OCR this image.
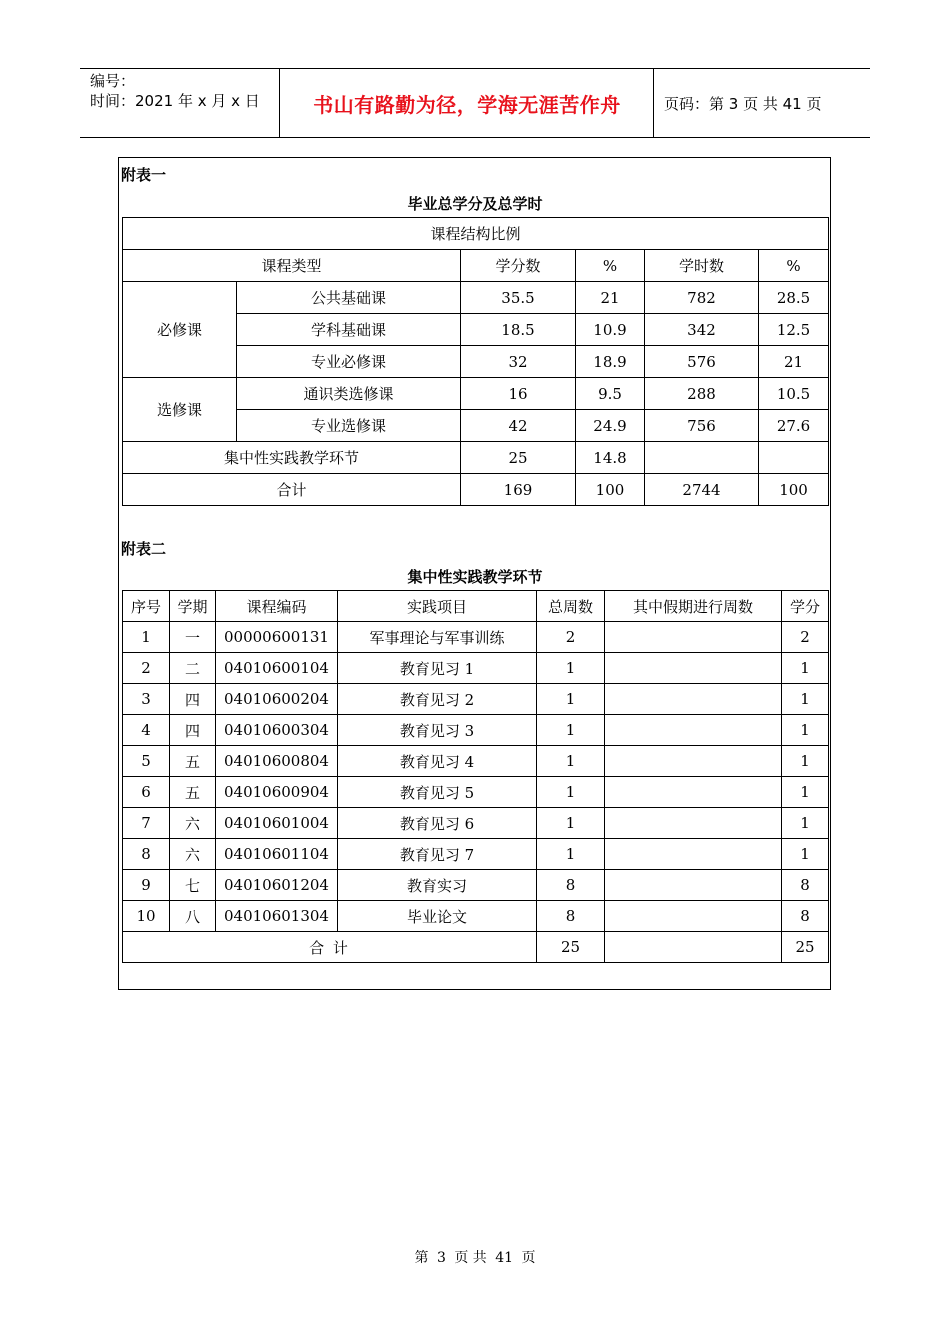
编号：
时间：2021 年 x 月 x 日	书山有路勤为径，学海无涯苦作舟	页码：第 3 页 共 41 页
附表一
毕业总学分及总学时
课程结构比例					
课程类型		学分数	%	学时数	%
必修课	公共基础课	35.5	21	782	28.5
	学科基础课	18.5	10.9	342	12.5
	专业必修课	32	18.9	576	21
选修课	通识类选修课	16	9.5	288	10.5
	专业选修课	42	24.9	756	27.6
集中性实践教学环节		25	14.8		
合计		169	100	2744	100
附表二
集中性实践教学环节
序号	学期	课程编码	实践项目	总周数	其中假期进行周数	学分
1	一	00000600131	军事理论与军事训练	2		2
2	二	04010600104	教育见习 1	1		1
3	四	04010600204	教育见习 2	1		1
4	四	04010600304	教育见习 3	1		1
5	五	04010600804	教育见习 4	1		1
6	五	04010600904	教育见习 5	1		1
7	六	04010601004	教育见习 6	1		1
8	六	04010601104	教育见习 7	1		1
9	七	04010601204	教育实习	8		8
10	八	04010601304	毕业论文	8		8
合 计				25		25
第 3 页 共 41 页
